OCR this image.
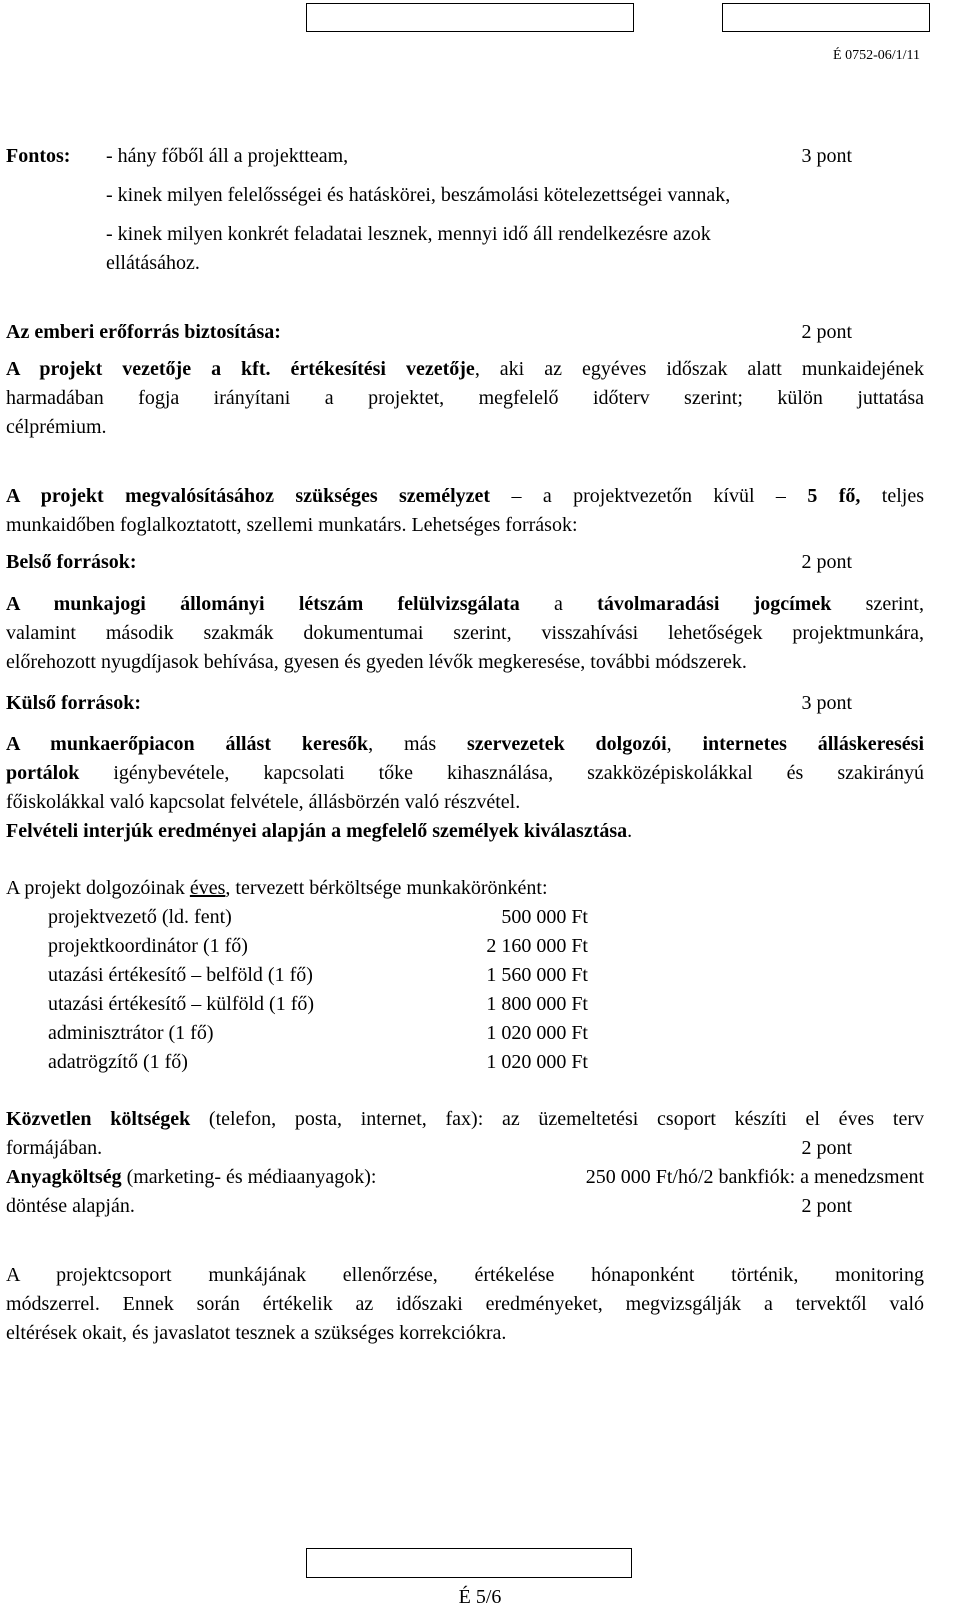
É 0752-06/1/11
Fontos:	- hány főből áll a projektteam,	3 pont
- kinek milyen felelősségei és hatáskörei, beszámolási kötelezettségei vannak,
- kinek milyen konkrét feladatai lesznek, mennyi idő áll rendelkezésre azok
ellátásához.
Az emberi erőforrás biztosítása:	2 pont
A projekt vezetője a kft. értékesítési vezetője, aki az egyéves időszak alatt munkaidejének
harmadában fogja irányítani a projektet, megfelelő időterv szerint; külön juttatása
célprémium.
A projekt megvalósításához szükséges személyzet – a projektvezetőn kívül – 5 fő, teljes
munkaidőben foglalkoztatott, szellemi munkatárs. Lehetséges források:
Belső források:	2 pont
A munkajogi állományi létszám felülvizsgálata a távolmaradási jogcímek szerint,
valamint második szakmák dokumentumai szerint, visszahívási lehetőségek projektmunkára,
előrehozott nyugdíjasok behívása, gyesen és gyeden lévők megkeresése, további módszerek.
Külső források:	3 pont
A munkaerőpiacon állást keresők, más szervezetek dolgozói, internetes álláskeresési
portálok igénybevétele, kapcsolati tőke kihasználása, szakközépiskolákkal és szakirányú
főiskolákkal való kapcsolat felvétele, állásbörzén való részvétel.
Felvételi interjúk eredményei alapján a megfelelő személyek kiválasztása.
A projekt dolgozóinak éves, tervezett bérköltsége munkakörönként:
projektvezető (ld. fent)	500 000 Ft
projektkoordinátor (1 fő)	2 160 000 Ft
utazási értékesítő – belföld (1 fő)	1 560 000 Ft
utazási értékesítő – külföld (1 fő)	1 800 000 Ft
adminisztrátor (1 fő)	1 020 000 Ft
adatrögzítő (1 fő)	1 020 000 Ft
Közvetlen költségek (telefon, posta, internet, fax): az üzemeltetési csoport készíti el éves terv
formájában.	2 pont
Anyagköltség (marketing- és médiaanyagok):	250 000 Ft/hó/2 bankfiók: a menedzsment
döntése alapján.	2 pont
A projektcsoport munkájának ellenőrzése, értékelése hónaponként történik, monitoring
módszerrel. Ennek során értékelik az időszaki eredményeket, megvizsgálják a tervektől való
eltérések okait, és javaslatot tesznek a szükséges korrekciókra.
É 5/6
